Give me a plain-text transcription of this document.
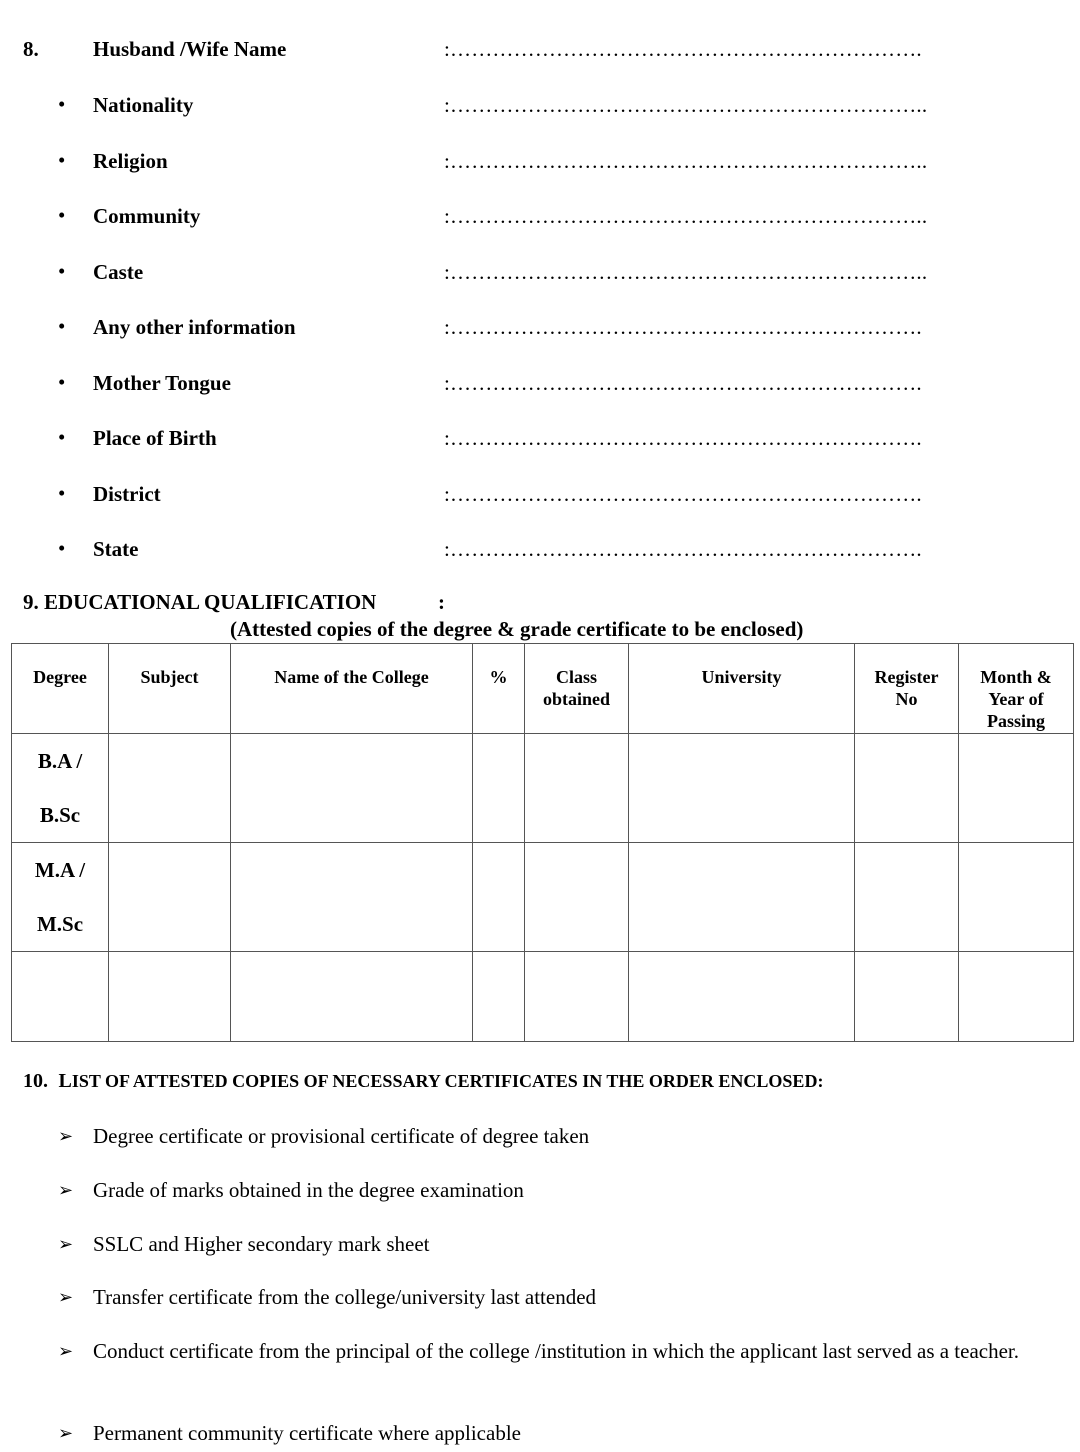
8.	Husband /Wife Name	:………………………………………………………….
• Nationality	:…………………………………………………………..
• Religion	:…………………………………………………………..
• Community	:…………………………………………………………..
• Caste	:…………………………………………………………..
• Any other information	:………………………………………………………….
• Mother Tongue	:………………………………………………………….
• Place of Birth	:………………………………………………………….
• District	:………………………………………………………….
• State	:………………………………………………………….
9. EDUCATIONAL QUALIFICATION	:
(Attested copies of the degree & grade certificate to be enclosed)
Degree	Subject	Name of the College	%	Class obtained	University	Register No	Month & Year of Passing

B.A /
B.Sc							

M.A /
M.Sc							

10. LIST OF ATTESTED COPIES OF NECESSARY CERTIFICATES IN THE ORDER ENCLOSED:
➢ Degree certificate or provisional certificate of degree taken
➢ Grade of marks obtained in the degree examination
➢ SSLC and Higher secondary mark sheet
➢ Transfer certificate from the college/university last attended
➢ Conduct certificate from the principal of the college /institution in which the applicant last served as a teacher.
➢ Permanent community certificate where applicable
